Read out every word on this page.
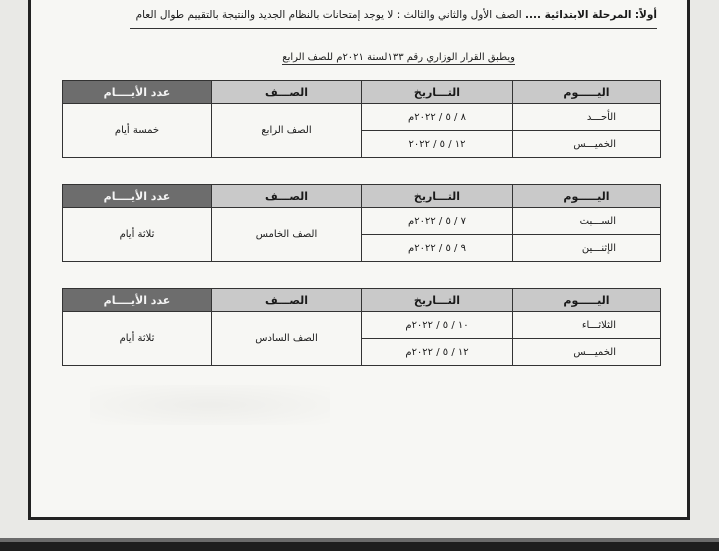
أولاً: المرحلة الابتدائية .... الصف الأول والثاني والثالث : لا يوجد إمتحانات بالنظام الجديد والنتيجة بالتقييم طوال العام
ويطبق القرار الوزاري رقم ١٣٣لسنة ٢٠٢١م للصف الرابع
اليـــــوم	التـــاريخ	الصـــف	عدد الأيــــام
الأحـــد	٨ / ٥ / ٢٠٢٢م	الصف الرابع	خمسة أيام
الخميـــس	١٢ / ٥ / ٢٠٢٢		
اليـــــوم	التـــاريخ	الصـــف	عدد الأيــــام
الســـبت	٧ / ٥ / ٢٠٢٢م	الصف الخامس	ثلاثة أيام
الإثنـــين	٩ / ٥ / ٢٠٢٢م		
اليـــــوم	التـــاريخ	الصـــف	عدد الأيــــام
الثلاثـــاء	١٠ / ٥ / ٢٠٢٢م	الصف السادس	ثلاثة أيام
الخميـــس	١٢ / ٥ / ٢٠٢٢م		
